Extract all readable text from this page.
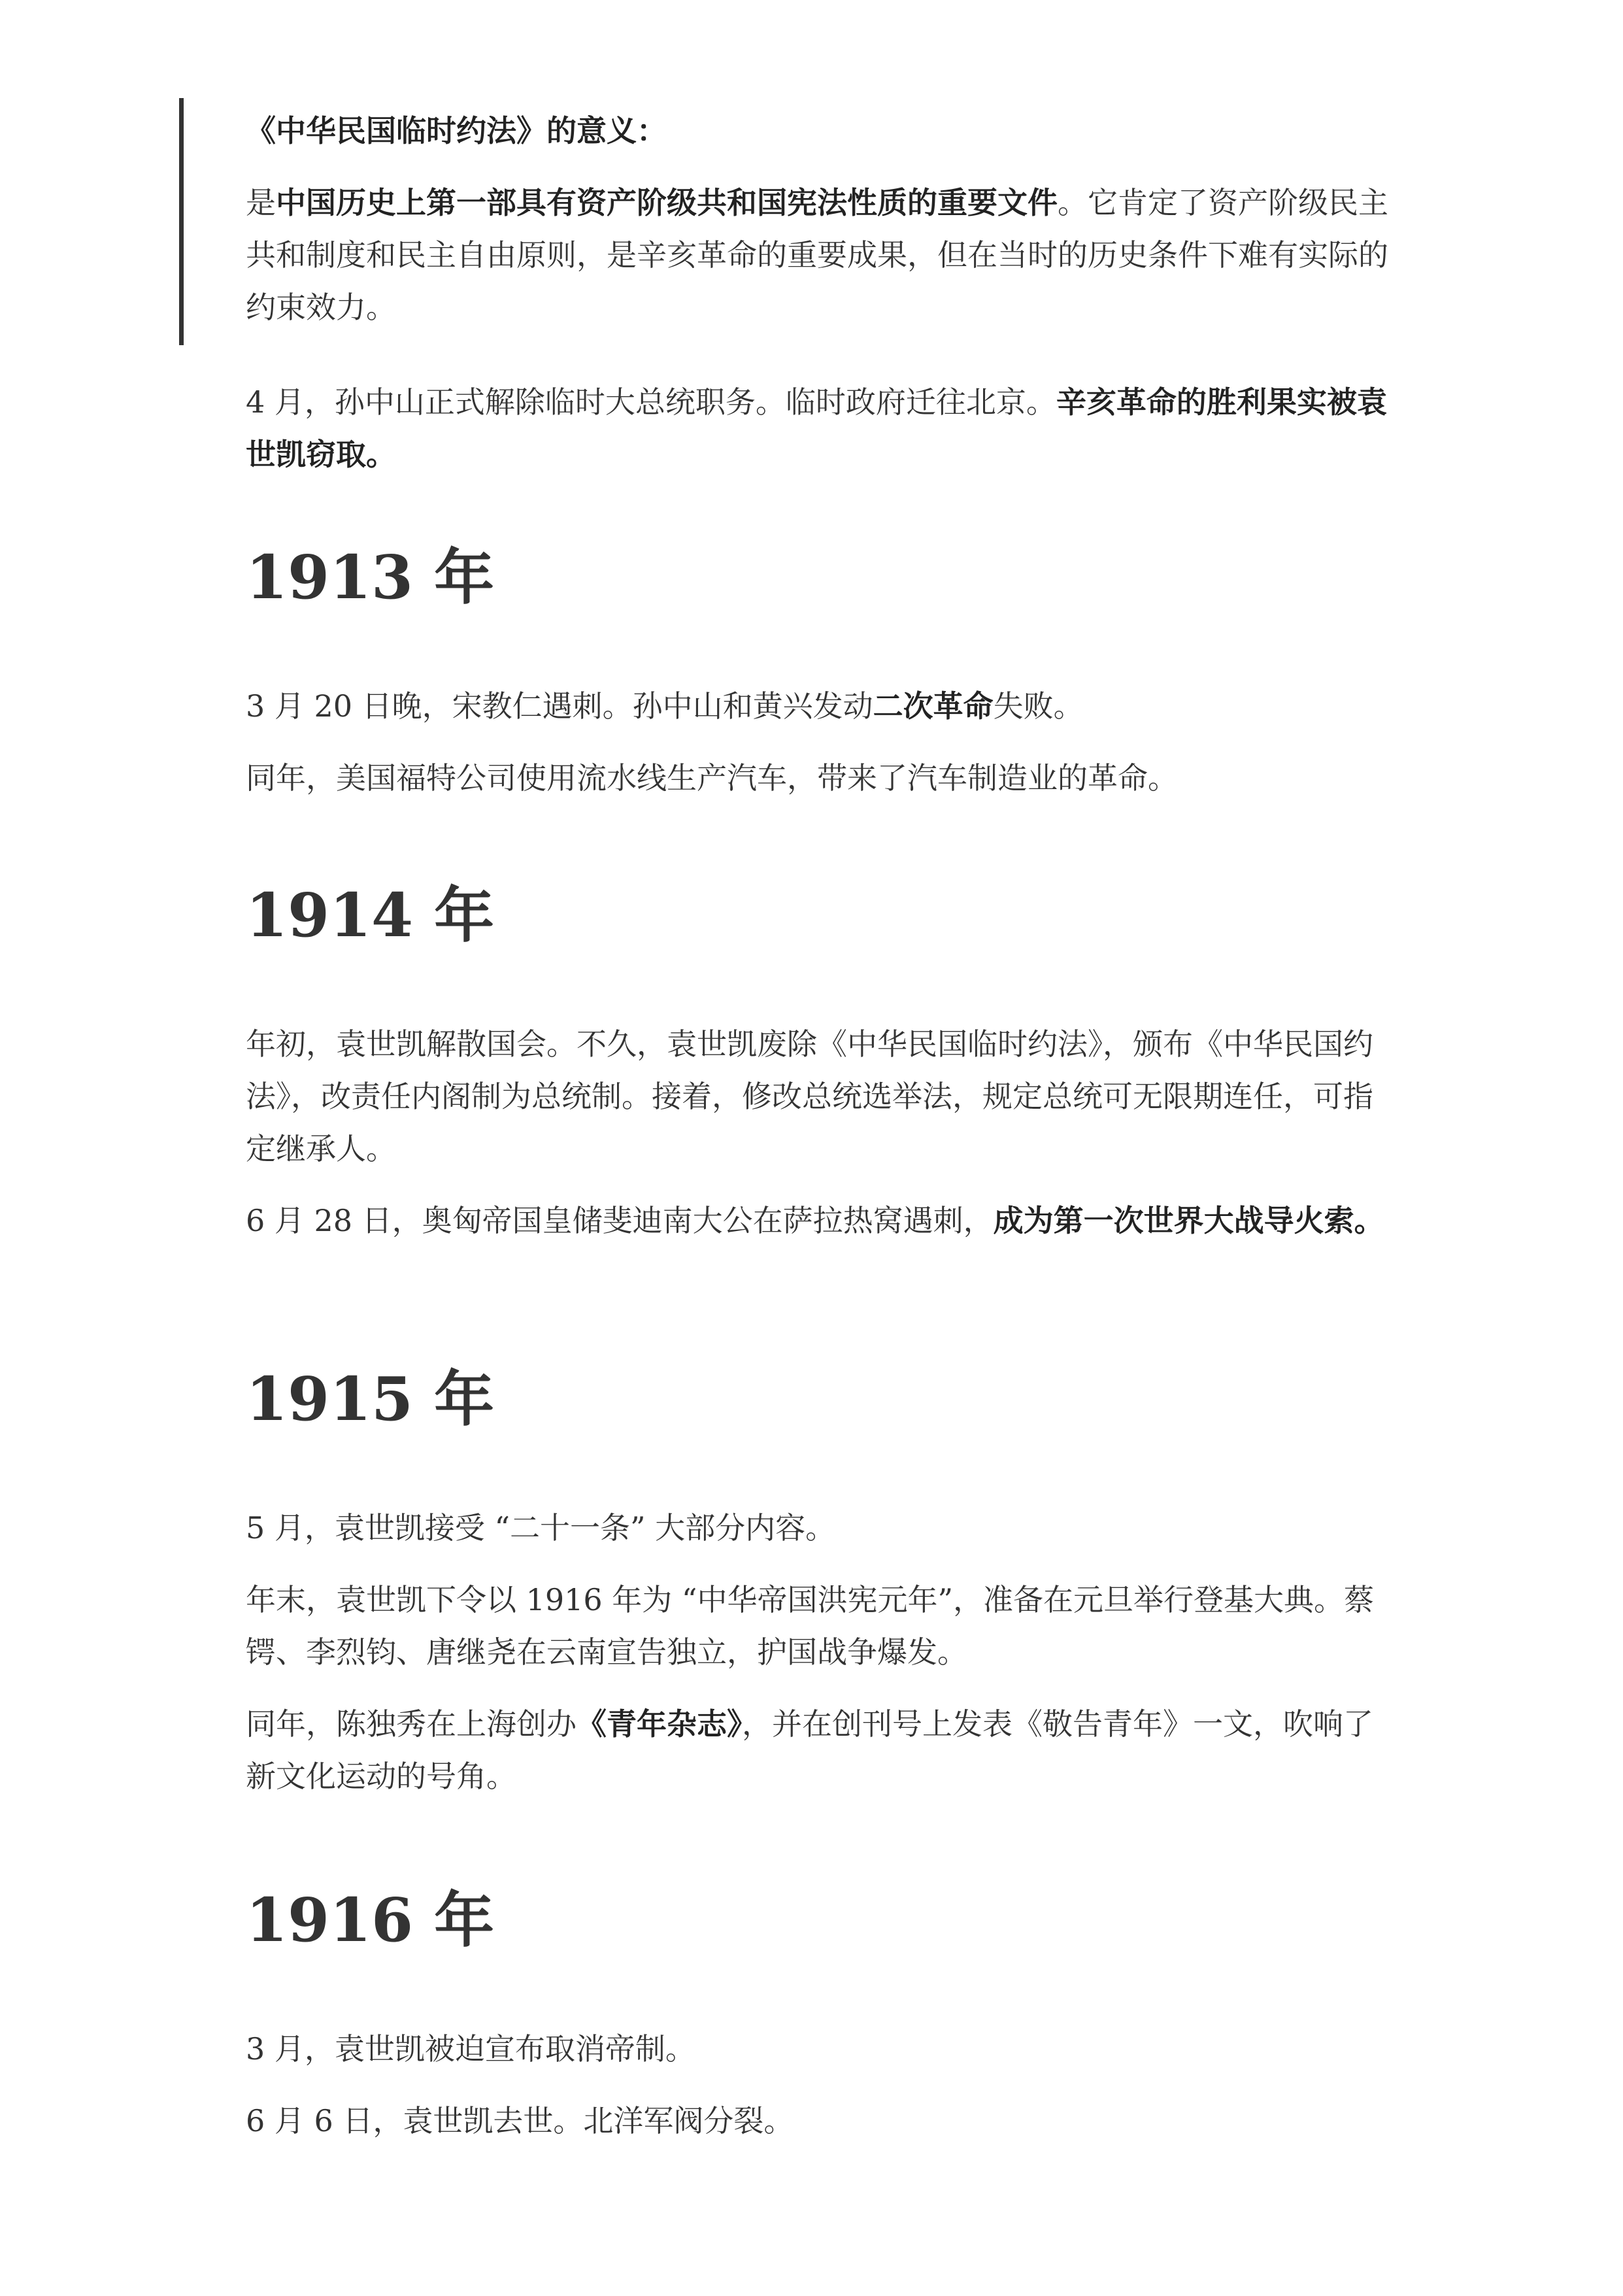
《中华民国临时约法》的意义：

是中国历史上第一部具有资产阶级共和国宪法性质的重要文件。它肯定了资产阶级民主共和制度和民主自由原则，是辛亥革命的重要成果，但在当时的历史条件下难有实际的约束效力。

4 月，孙中山正式解除临时大总统职务。临时政府迁往北京。辛亥革命的胜利果实被袁世凯窃取。

1913 年

3 月 20 日晚，宋教仁遇刺。孙中山和黄兴发动二次革命失败。

同年，美国福特公司使用流水线生产汽车，带来了汽车制造业的革命。

1914 年

年初，袁世凯解散国会。不久，袁世凯废除《中华民国临时约法》，颁布《中华民国约法》，改责任内阁制为总统制。接着，修改总统选举法，规定总统可无限期连任，可指定继承人。

6 月 28 日，奥匈帝国皇储斐迪南大公在萨拉热窝遇刺，成为第一次世界大战导火索。

1915 年

5 月，袁世凯接受 “二十一条” 大部分内容。

年末，袁世凯下令以 1916 年为 “中华帝国洪宪元年”，准备在元旦举行登基大典。蔡锷、李烈钧、唐继尧在云南宣告独立，护国战争爆发。

同年，陈独秀在上海创办《青年杂志》，并在创刊号上发表《敬告青年》一文，吹响了新文化运动的号角。

1916 年

3 月，袁世凯被迫宣布取消帝制。

6 月 6 日，袁世凯去世。北洋军阀分裂。
